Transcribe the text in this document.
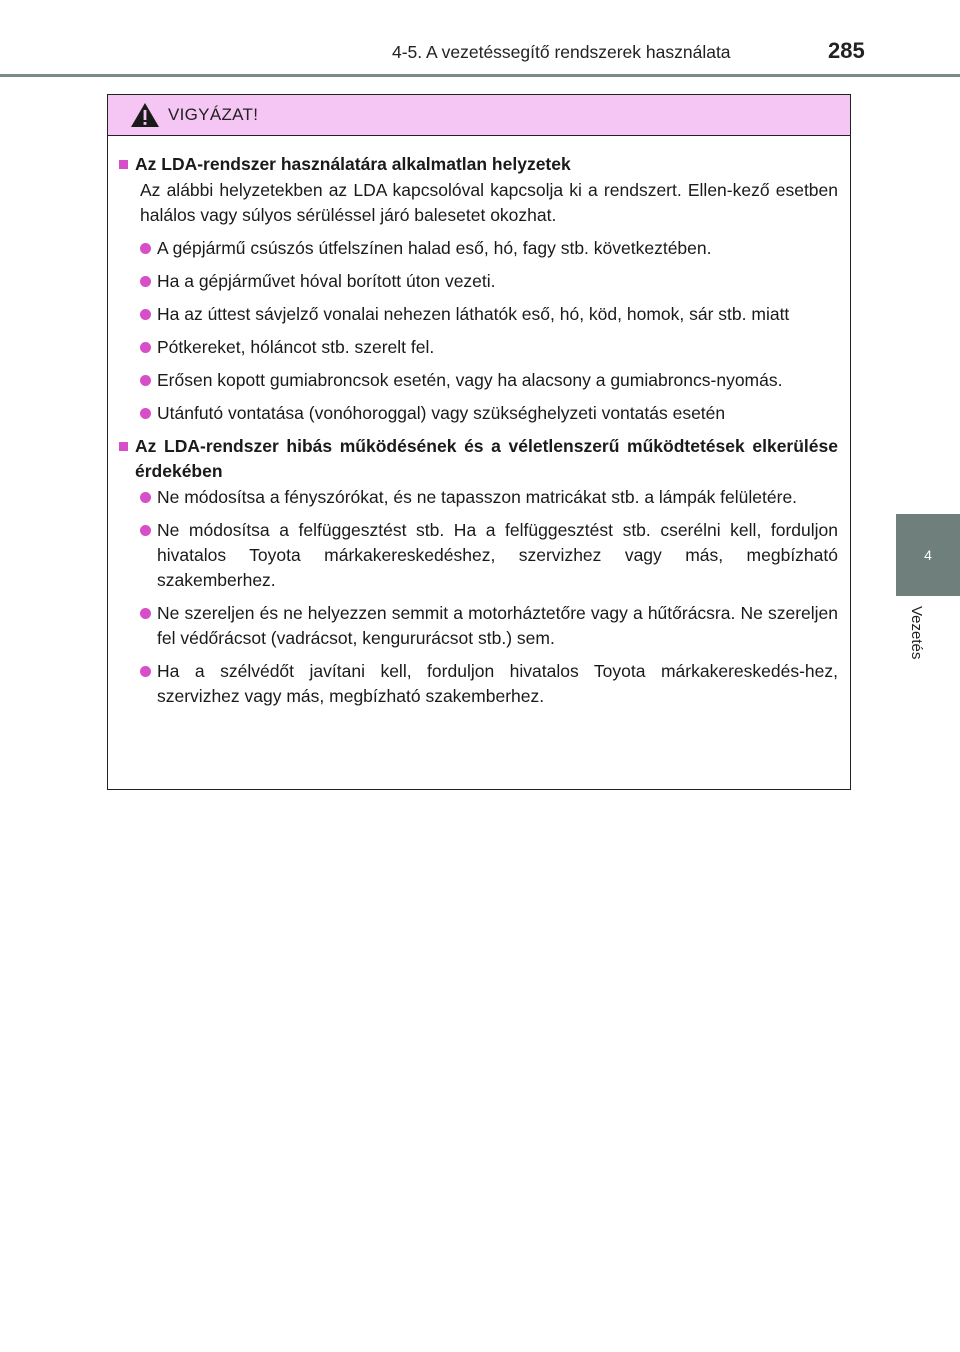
4-5. A vezetéssegítő rendszerek használata	285
4
Vezetés
VIGYÁZAT!
Az LDA-rendszer használatára alkalmatlan helyzetek
Az alábbi helyzetekben az LDA kapcsolóval kapcsolja ki a rendszert. Ellen-kező esetben halálos vagy súlyos sérüléssel járó balesetet okozhat.
A gépjármű csúszós útfelszínen halad eső, hó, fagy stb. következtében.
Ha a gépjárművet hóval borított úton vezeti.
Ha az úttest sávjelző vonalai nehezen láthatók eső, hó, köd, homok, sár stb. miatt
Pótkereket, hóláncot stb. szerelt fel.
Erősen kopott gumiabroncsok esetén, vagy ha alacsony a gumiabroncs-nyomás.
Utánfutó vontatása (vonóhoroggal) vagy szükséghelyzeti vontatás esetén
Az LDA-rendszer hibás működésének és a véletlenszerű működtetések elkerülése érdekében
Ne módosítsa a fényszórókat, és ne tapasszon matricákat stb. a lámpák felületére.
Ne módosítsa a felfüggesztést stb. Ha a felfüggesztést stb. cserélni kell, forduljon hivatalos Toyota márkakereskedéshez, szervizhez vagy más, megbízható szakemberhez.
Ne szereljen és ne helyezzen semmit a motorháztetőre vagy a hűtőrácsra. Ne szereljen fel védőrácsot (vadrácsot, kengururácsot stb.) sem.
Ha a szélvédőt javítani kell, forduljon hivatalos Toyota márkakereskedés-hez, szervizhez vagy más, megbízható szakemberhez.
